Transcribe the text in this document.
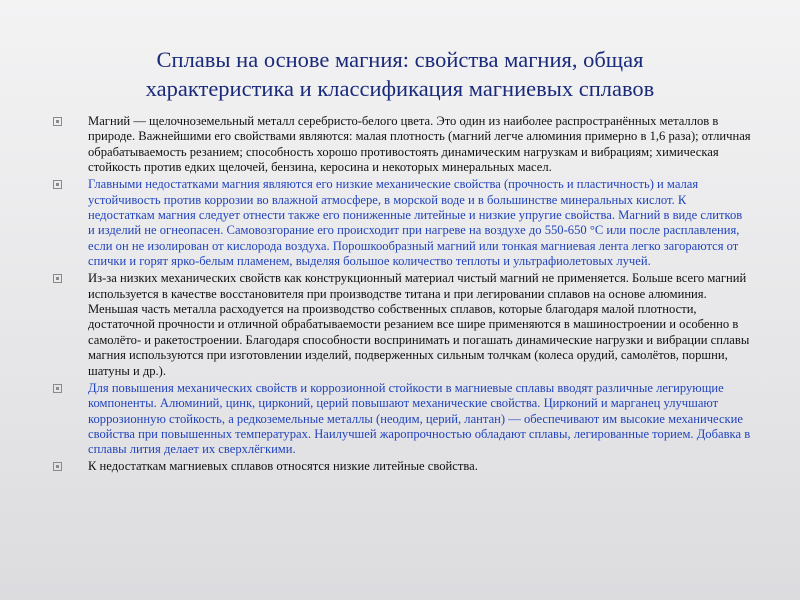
Сплавы на основе магния: свойства магния, общая
характеристика и классификация магниевых сплавов
Магний — щелочноземельный металл серебристо-белого цвета. Это один из наиболее распространённых металлов в природе. Важнейшими его свойствами являются: малая плотность (магний легче алюминия примерно в 1,6 раза); отличная обрабатываемость резанием; способность хорошо противостоять динамическим нагрузкам и вибрациям; химическая стойкость против едких щелочей, бензина, керосина и некоторых минеральных масел.
Главными недостатками магния являются его низкие механические свойства (прочность и пластичность) и малая устойчивость против коррозии во влажной атмосфере, в морской воде и в большинстве минеральных кислот. К недостаткам магния следует отнести также его пониженные литейные и низкие упругие свойства. Магний в виде слитков и изделий не огнеопасен. Самовозгорание его происходит при нагреве на воздухе до 550-650 °С или после расплавления, если он не изолирован от кислорода воздуха. Порошкообразный магний или тонкая магниевая лента легко загораются от спички и горят ярко-белым пламенем, выделяя большое количество теплоты и ультрафиолетовых лучей.
Из-за низких механических свойств как конструкционный материал чистый магний не применяется. Больше всего магний используется в качестве восстановителя при производстве титана и при легировании сплавов на основе алюминия. Меньшая часть металла расходуется на производство собственных сплавов, которые благодаря малой плотности, достаточной прочности и отличной обрабатываемости резанием все шире применяются в машиностроении и особенно в самолёто- и ракетостроении. Благодаря способности воспринимать и погашать динамические нагрузки и вибрации сплавы магния используются при изготовлении изделий, подверженных сильным толчкам (колеса орудий, самолётов, поршни, шатуны и др.).
Для повышения механических свойств и коррозионной стойкости в магниевые сплавы вводят различные легирующие компоненты. Алюминий, цинк, цирконий, церий повышают механические свойства. Цирконий и марганец улучшают коррозионную стойкость, а редкоземельные металлы (неодим, церий, лантан) — обеспечивают им высокие механические свойства при повышенных температурах. Наилучшей жаропрочностью обладают сплавы, легированные торием. Добавка в сплавы лития делает их сверхлёгкими.
К недостаткам магниевых сплавов относятся низкие литейные свойства.
